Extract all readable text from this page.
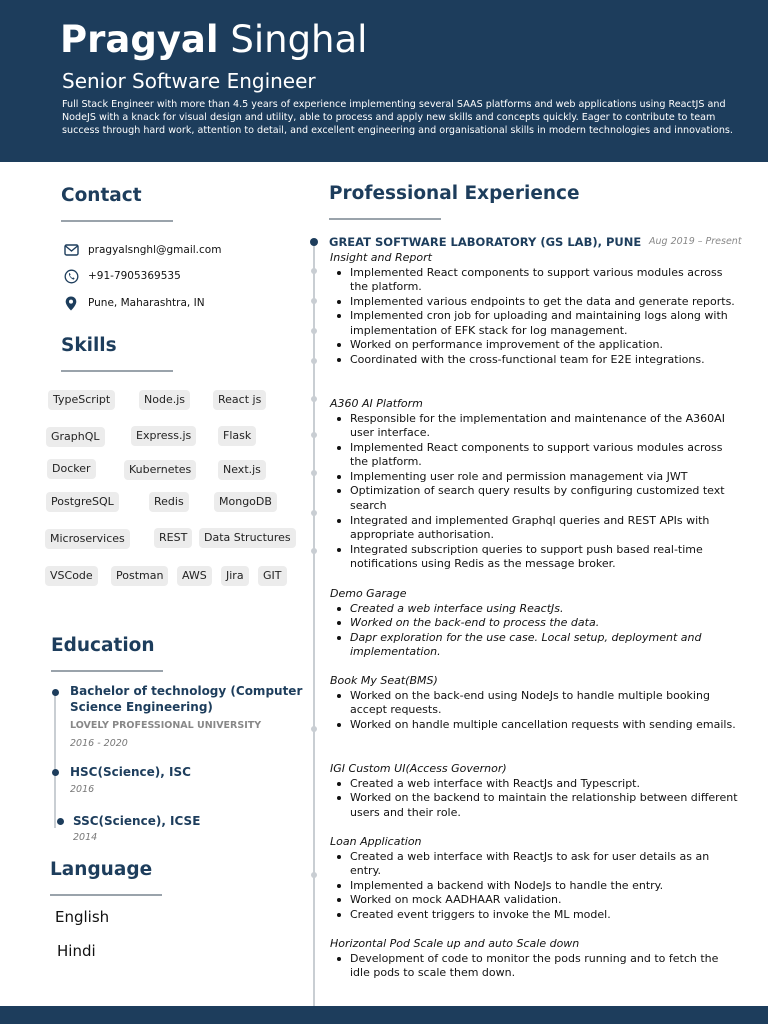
Pragyal Singhal
Senior Software Engineer
Full Stack Engineer with more than 4.5 years of experience implementing several SAAS platforms and web applications using ReactJS and NodeJS with a knack for visual design and utility, able to process and apply new skills and concepts quickly. Eager to contribute to team success through hard work, attention to detail, and excellent engineering and organisational skills in modern technologies and innovations.
Contact
pragyalsnghl@gmail.com
+91-7905369535
Pune, Maharashtra, IN
Skills
TypeScript	Node.js	React js
GraphQL	Express.js	Flask
Docker	Kubernetes	Next.js
PostgreSQL	Redis	MongoDB
Microservices	REST	Data Structures
VSCode	Postman	AWS	Jira	GIT
Education
Bachelor of technology (Computer Science Engineering)
LOVELY PROFESSIONAL UNIVERSITY
2016 - 2020
HSC(Science), ISC
2016
SSC(Science), ICSE
2014
Language
English
Hindi
Professional Experience
GREAT SOFTWARE LABORATORY (GS LAB), PUNE Aug 2019 – Present
Insight and Report
Implemented React components to support various modules across the platform.
Implemented various endpoints to get the data and generate reports.
Implemented cron job for uploading and maintaining logs along with implementation of EFK stack for log management.
Worked on performance improvement of the application.
Coordinated with the cross-functional team for E2E integrations.
A360 AI Platform
Responsible for the implementation and maintenance of the A360AI user interface.
Implemented React components to support various modules across the platform.
Implementing user role and permission management via JWT
Optimization of search query results by configuring customized text search
Integrated and implemented Graphql queries and REST APIs with appropriate authorisation.
Integrated subscription queries to support push based real-time notifications using Redis as the message broker.
Demo Garage
Created a web interface using ReactJs.
Worked on the back-end to process the data.
Dapr exploration for the use case. Local setup, deployment and implementation.
Book My Seat(BMS)
Worked on the back-end using NodeJs to handle multiple booking accept requests.
Worked on handle multiple cancellation requests with sending emails.
IGI Custom UI(Access Governor)
Created a web interface with ReactJs and Typescript.
Worked on the backend to maintain the relationship between different users and their role.
Loan Application
Created a web interface with ReactJs to ask for user details as an entry.
Implemented a backend with NodeJs to handle the entry.
Worked on mock AADHAAR validation.
Created event triggers to invoke the ML model.
Horizontal Pod Scale up and auto Scale down
Development of code to monitor the pods running and to fetch the idle pods to scale them down.
